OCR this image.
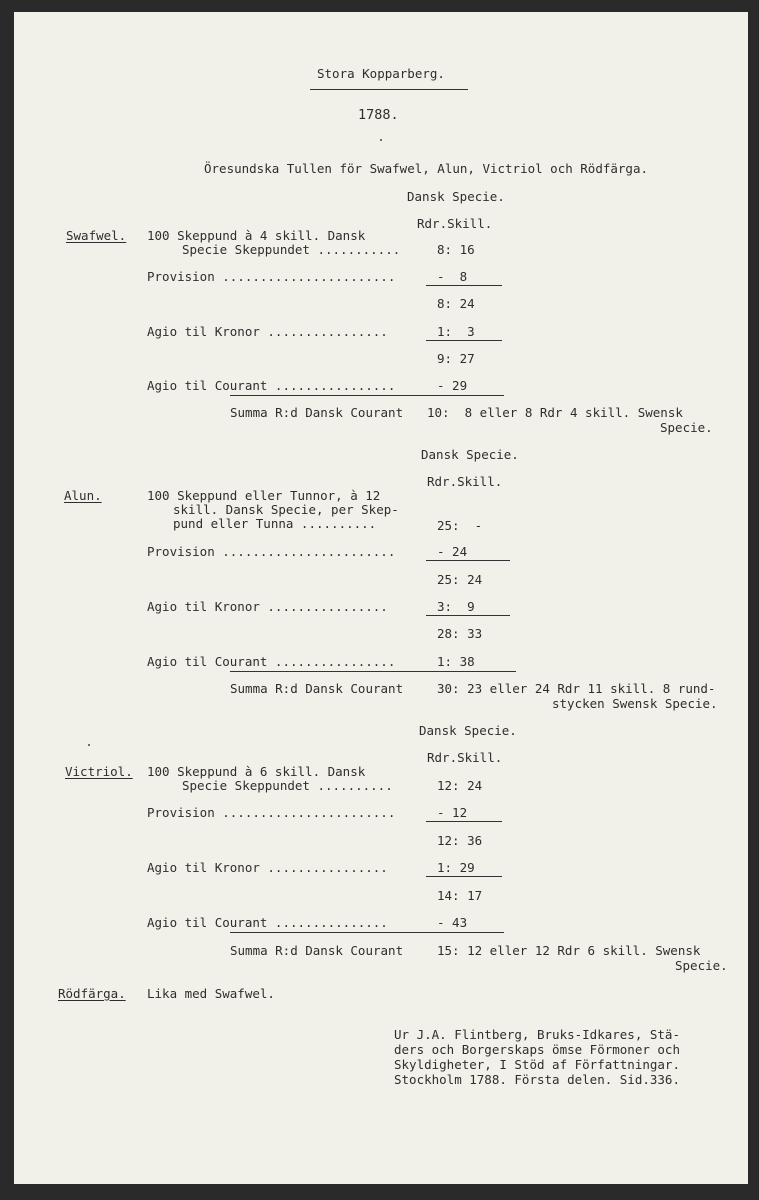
Stora Kopparberg.
1788.
Öresundska Tullen för Swafwel, Alun, Victriol och Rödfärga.
Dansk Specie.
Rdr.Skill.
Swafwel. 100 Skeppund à 4 skill. Dansk
Specie Skeppundet ...........	8: 16
Provision .......................	-  8
8: 24
Agio til Kronor ................	1:  3
9: 27
Agio til Courant ................	- 29
Summa R:d Dansk Courant 10:  8 eller 8 Rdr 4 skill. Swensk
Specie.
Dansk Specie.
Rdr.Skill.
Alun.	100 Skeppund eller Tunnor, à 12
skill. Dansk Specie, per Skep-
pund eller Tunna ..........	25:  -
Provision .......................	- 24
25: 24
Agio til Kronor ................	3:  9
28: 33
Agio til Courant ................	1: 38
Summa R:d Dansk Courant	30: 23 eller 24 Rdr 11 skill. 8 rund-
stycken Swensk Specie.
Dansk Specie.
Rdr.Skill.
Victriol. 100 Skeppund à 6 skill. Dansk
Specie Skeppundet ..........	12: 24
Provision .......................	- 12
12: 36
Agio til Kronor ................	1: 29
14: 17
Agio til Courant ...............	- 43
Summa R:d Dansk Courant	15: 12 eller 12 Rdr 6 skill. Swensk
Specie.
Rödfärga. Lika med Swafwel.
Ur J.A. Flintberg, Bruks-Idkares, Stä-
ders och Borgerskaps ömse Förmoner och
Skyldigheter, I Stöd af Författningar.
Stockholm 1788. Första delen. Sid.336.
